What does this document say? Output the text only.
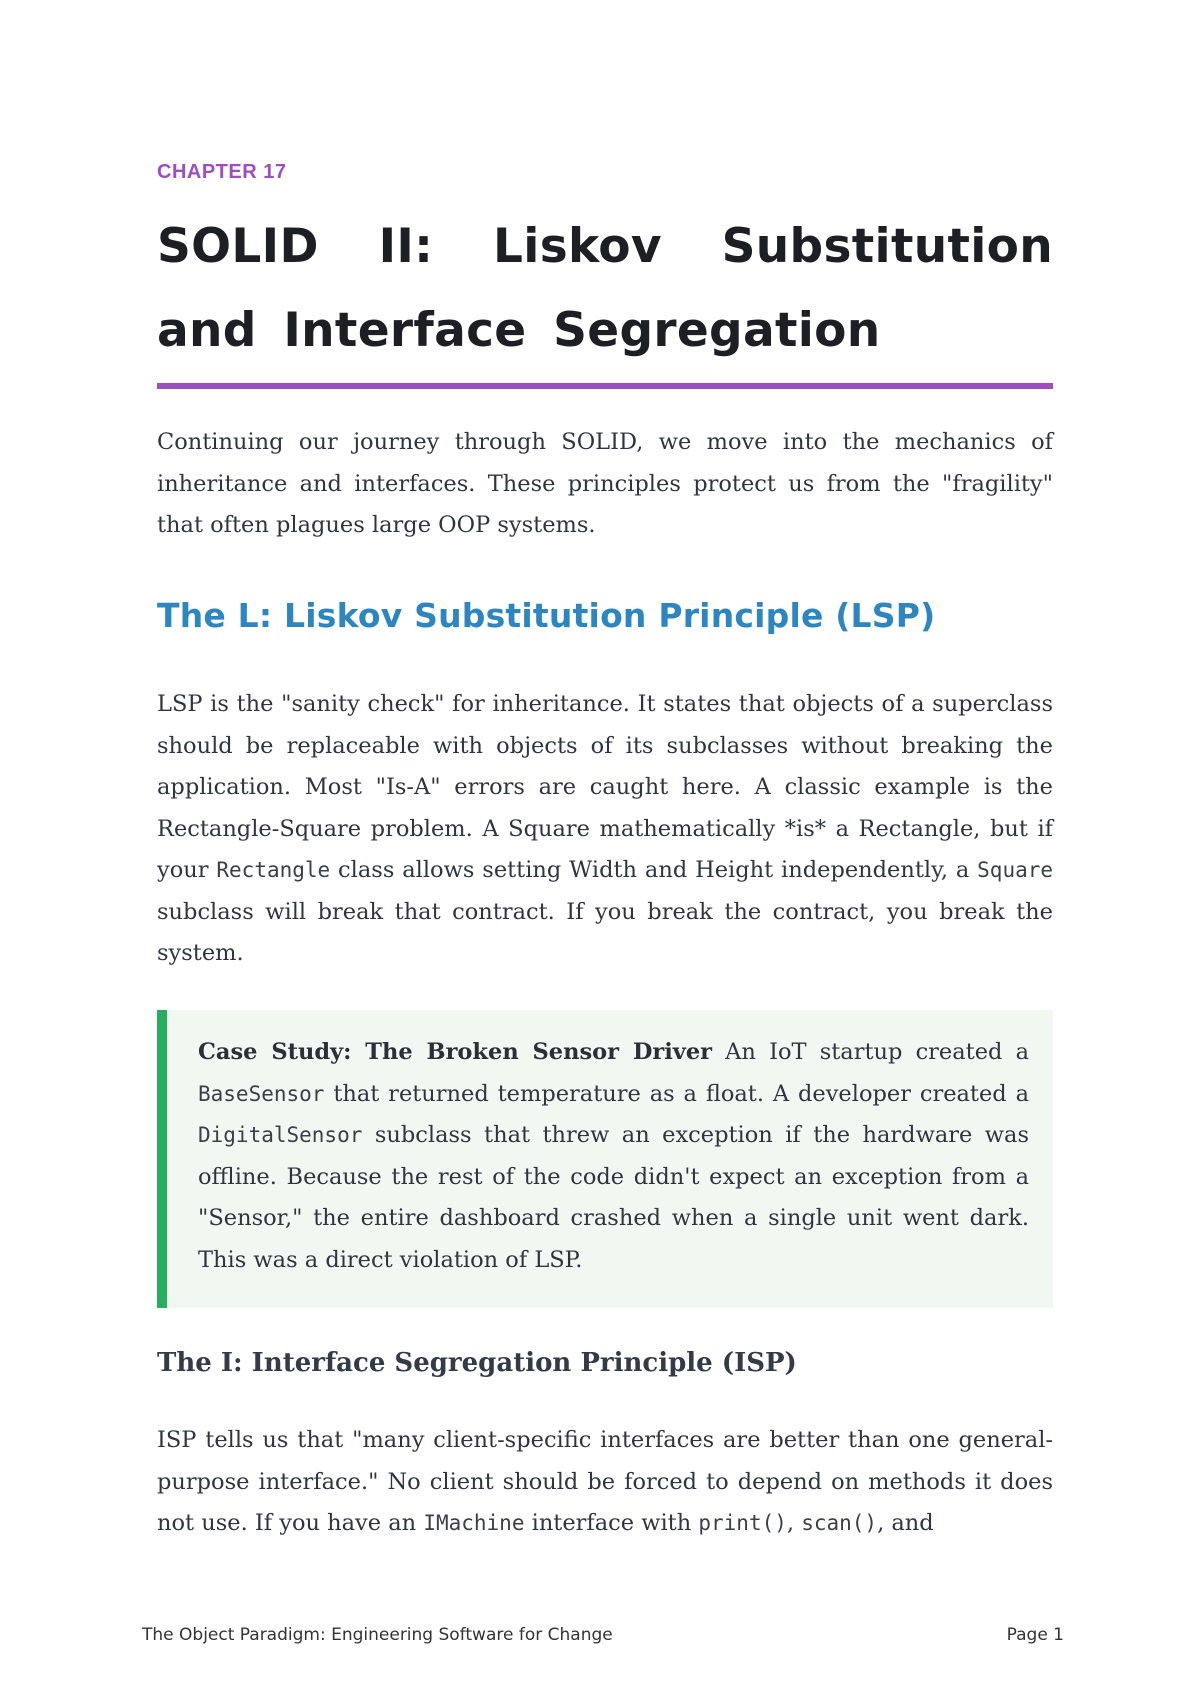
CHAPTER 17
SOLID II: Liskov Substitution and Interface Segregation

Continuing our journey through SOLID, we move into the mechanics of inheritance and interfaces. These principles protect us from the "fragility" that often plagues large OOP systems.

The L: Liskov Substitution Principle (LSP)

LSP is the "sanity check" for inheritance. It states that objects of a superclass should be replaceable with objects of its subclasses without breaking the application. Most "Is-A" errors are caught here. A classic example is the Rectangle-Square problem. A Square mathematically *is* a Rectangle, but if your Rectangle class allows setting Width and Height independently, a Square subclass will break that contract. If you break the contract, you break the system.

Case Study: The Broken Sensor Driver An IoT startup created a BaseSensor that returned temperature as a float. A developer created a DigitalSensor subclass that threw an exception if the hardware was offline. Because the rest of the code didn't expect an exception from a "Sensor," the entire dashboard crashed when a single unit went dark. This was a direct violation of LSP.

The I: Interface Segregation Principle (ISP)

ISP tells us that "many client-specific interfaces are better than one general-purpose interface." No client should be forced to depend on methods it does not use. If you have an IMachine interface with print(), scan(), and

The Object Paradigm: Engineering Software for Change	Page 1
